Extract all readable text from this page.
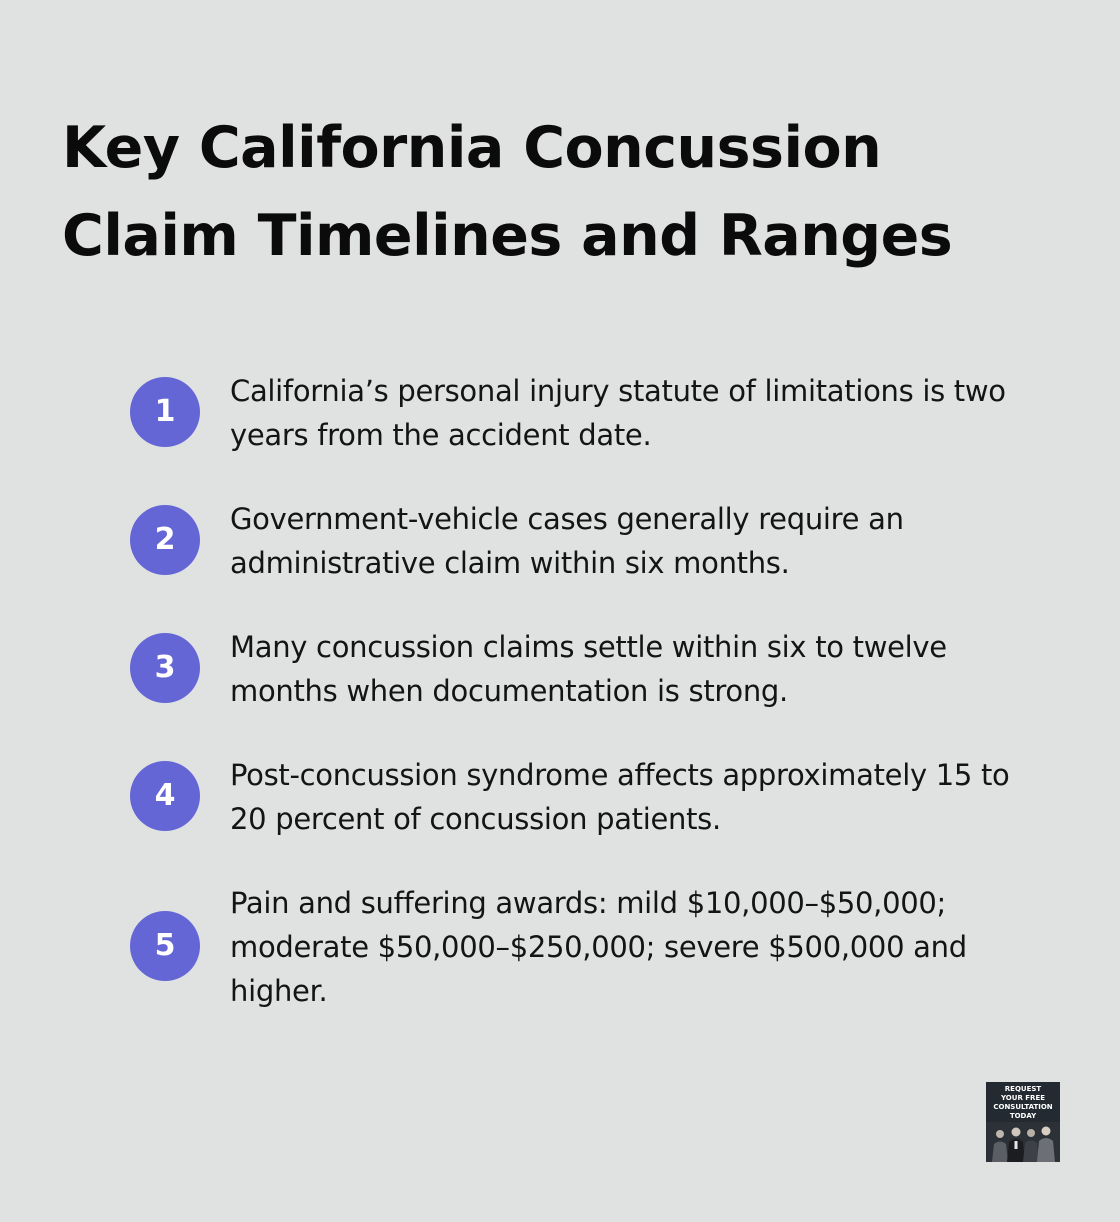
Key California Concussion
Claim Timelines and Ranges
1
California’s personal injury statute of limitations is two
years from the accident date.
2
Government-vehicle cases generally require an
administrative claim within six months.
3
Many concussion claims settle within six to twelve
months when documentation is strong.
4
Post-concussion syndrome affects approximately 15 to
20 percent of concussion patients.
5
Pain and suffering awards: mild $10,000–$50,000;
moderate $50,000–$250,000; severe $500,000 and
higher.
REQUEST
YOUR FREE
CONSULTATION
TODAY
